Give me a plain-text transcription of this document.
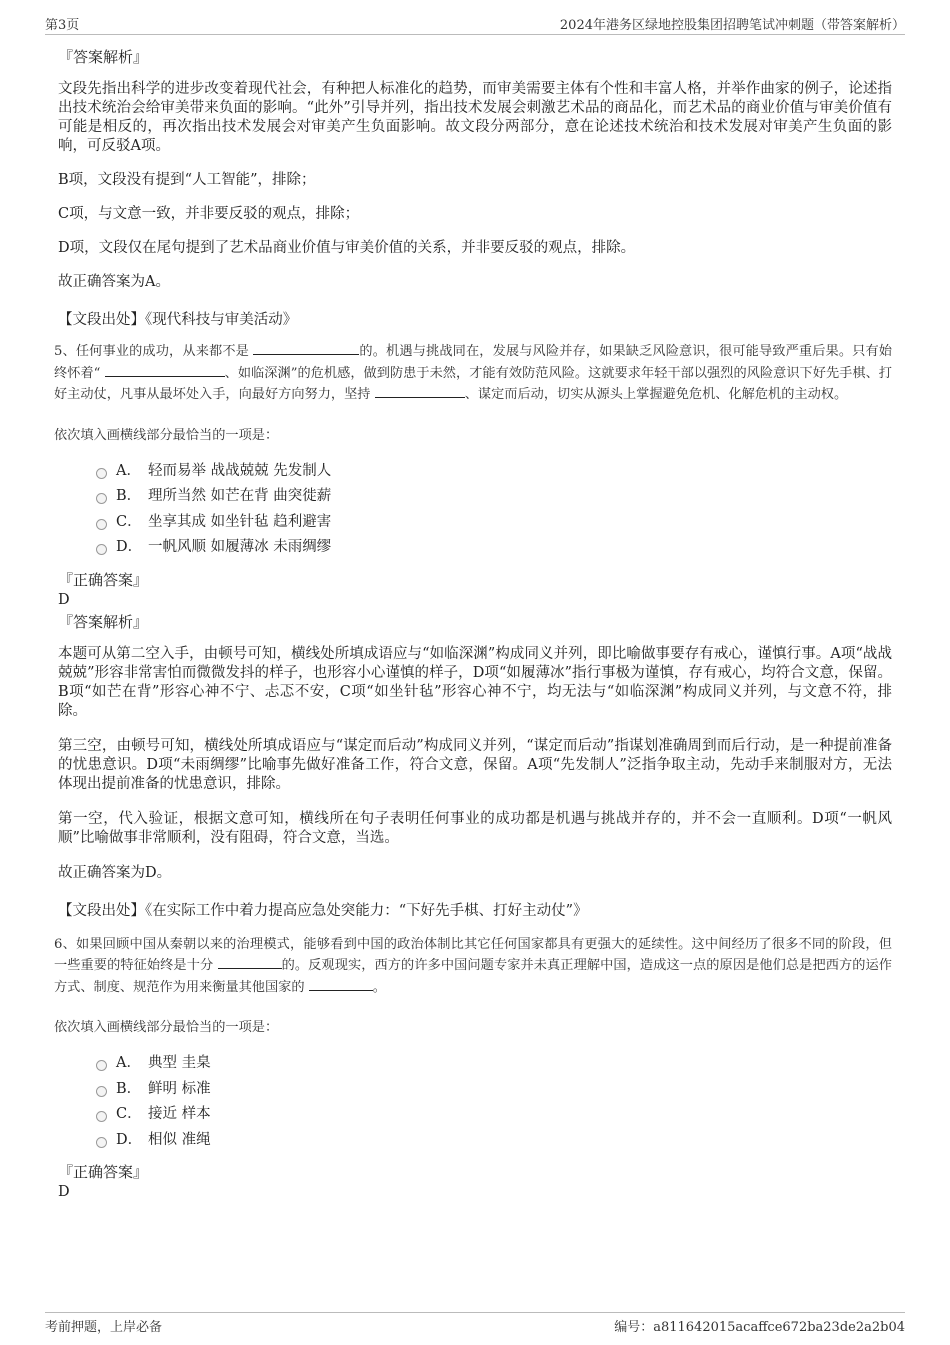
第3页	2024年港务区绿地控股集团招聘笔试冲刺题（带答案解析）
『答案解析』

文段先指出科学的进步改变着现代社会，有种把人标准化的趋势，而审美需要主体有个性和丰富人格，并举作曲家的例子，论述指出技术统治会给审美带来负面的影响。“此外”引导并列，指出技术发展会刺激艺术品的商品化，而艺术品的商业价值与审美价值有可能是相反的，再次指出技术发展会对审美产生负面影响。故文段分两部分，意在论述技术统治和技术发展对审美产生负面的影响，可反驳A项。

B项，文段没有提到“人工智能”，排除；

C项，与文意一致，并非要反驳的观点，排除；

D项，文段仅在尾句提到了艺术品商业价值与审美价值的关系，并非要反驳的观点，排除。

故正确答案为A。

【文段出处】《现代科技与审美活动》

5、任何事业的成功，从来都不是	的。机遇与挑战同在，发展与风险并存，如果缺乏风险意识，很可能导致严重后果。只有始终怀着“	、如临深渊”的危机感，做到防患于未然，才能有效防范风险。这就要求年轻干部以强烈的风险意识下好先手棋、打好主动仗，凡事从最坏处入手，向最好方向努力，坚持	、谋定而后动，切实从源头上掌握避免危机、化解危机的主动权。

依次填入画横线部分最恰当的一项是：
A． 轻而易举 战战兢兢 先发制人
B． 理所当然 如芒在背 曲突徙薪
C． 坐享其成 如坐针毡 趋利避害
D． 一帆风顺 如履薄冰 未雨绸缪
『正确答案』
D
『答案解析』

本题可从第二空入手，由顿号可知，横线处所填成语应与“如临深渊”构成同义并列，即比喻做事要存有戒心，谨慎行事。A项“战战兢兢”形容非常害怕而微微发抖的样子，也形容小心谨慎的样子，D项“如履薄冰”指行事极为谨慎，存有戒心，均符合文意，保留。B项“如芒在背”形容心神不宁、忐忑不安，C项“如坐针毡”形容心神不宁，均无法与“如临深渊”构成同义并列，与文意不符，排除。

第三空，由顿号可知，横线处所填成语应与“谋定而后动”构成同义并列，“谋定而后动”指谋划准确周到而后行动，是一种提前准备的忧患意识。D项“未雨绸缪”比喻事先做好准备工作，符合文意，保留。A项“先发制人”泛指争取主动，先动手来制服对方，无法体现出提前准备的忧患意识，排除。

第一空，代入验证，根据文意可知，横线所在句子表明任何事业的成功都是机遇与挑战并存的，并不会一直顺利。D项“一帆风顺”比喻做事非常顺利，没有阻碍，符合文意，当选。

故正确答案为D。

【文段出处】《在实际工作中着力提高应急处突能力：“下好先手棋、打好主动仗”》

6、如果回顾中国从秦朝以来的治理模式，能够看到中国的政治体制比其它任何国家都具有更强大的延续性。这中间经历了很多不同的阶段，但一些重要的特征始终是十分	的。反观现实，西方的许多中国问题专家并未真正理解中国，造成这一点的原因是他们总是把西方的运作方式、制度、规范作为用来衡量其他国家的	。

依次填入画横线部分最恰当的一项是：
A． 典型 圭臬
B． 鲜明 标准
C． 接近 样本
D． 相似 准绳
『正确答案』
D
考前押题，上岸必备	编号：a811642015acaffce672ba23de2a2b04
